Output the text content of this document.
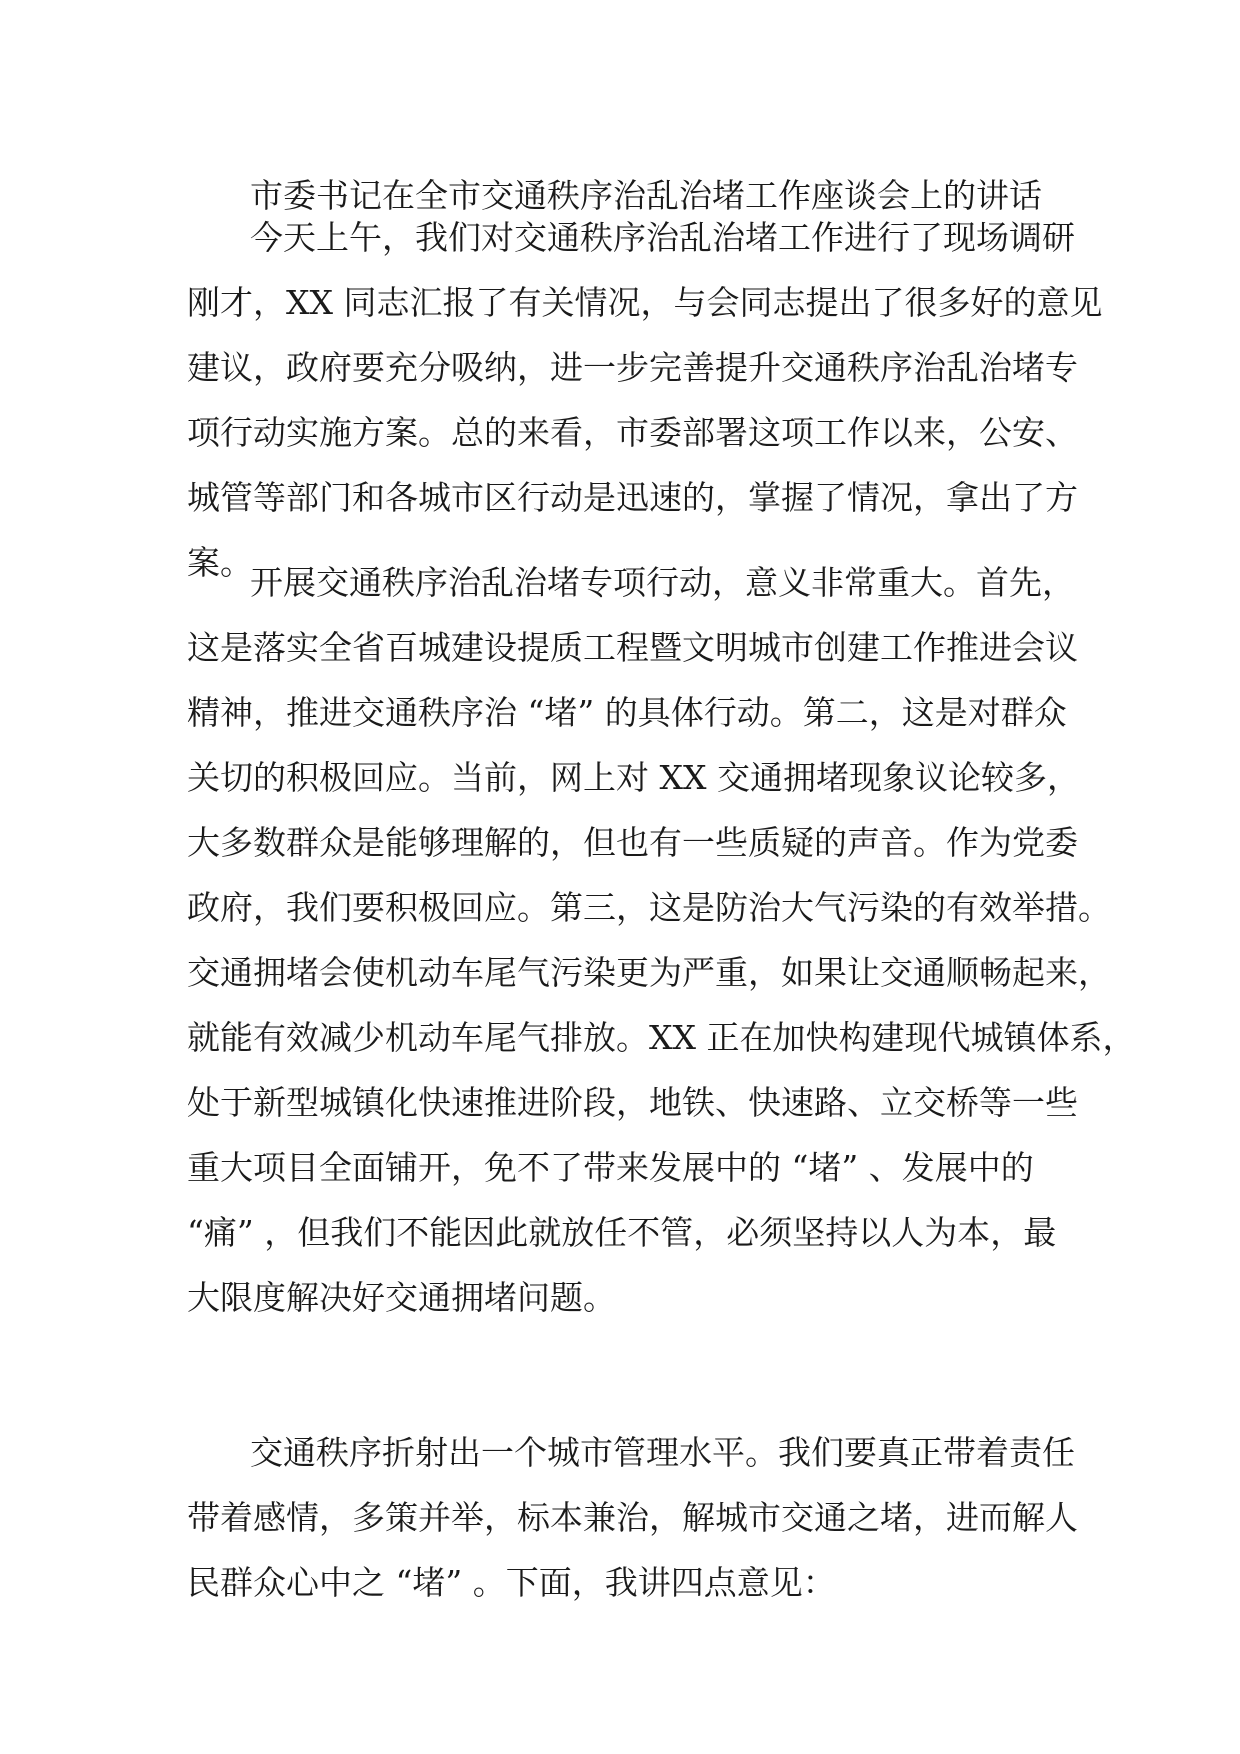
市委书记在全市交通秩序治乱治堵工作座谈会上的讲话
今天上午，我们对交通秩序治乱治堵工作进行了现场调研
刚才，XX 同志汇报了有关情况，与会同志提出了很多好的意见
建议，政府要充分吸纳，进一步完善提升交通秩序治乱治堵专
项行动实施方案。总的来看，市委部署这项工作以来，公安、
城管等部门和各城市区行动是迅速的，掌握了情况，拿出了方
案。
开展交通秩序治乱治堵专项行动，意义非常重大。首先，
这是落实全省百城建设提质工程暨文明城市创建工作推进会议
精神，推进交通秩序治 “堵” 的具体行动。第二，这是对群众
关切的积极回应。当前，网上对 XX 交通拥堵现象议论较多，
大多数群众是能够理解的，但也有一些质疑的声音。作为党委
政府，我们要积极回应。第三，这是防治大气污染的有效举措。
交通拥堵会使机动车尾气污染更为严重，如果让交通顺畅起来，
就能有效减少机动车尾气排放。XX 正在加快构建现代城镇体系，
处于新型城镇化快速推进阶段，地铁、快速路、立交桥等一些
重大项目全面铺开，免不了带来发展中的 “堵” 、发展中的
“痛” ，但我们不能因此就放任不管，必须坚持以人为本，最
大限度解决好交通拥堵问题。
交通秩序折射出一个城市管理水平。我们要真正带着责任
带着感情，多策并举，标本兼治，解城市交通之堵，进而解人
民群众心中之 “堵” 。下面，我讲四点意见：
